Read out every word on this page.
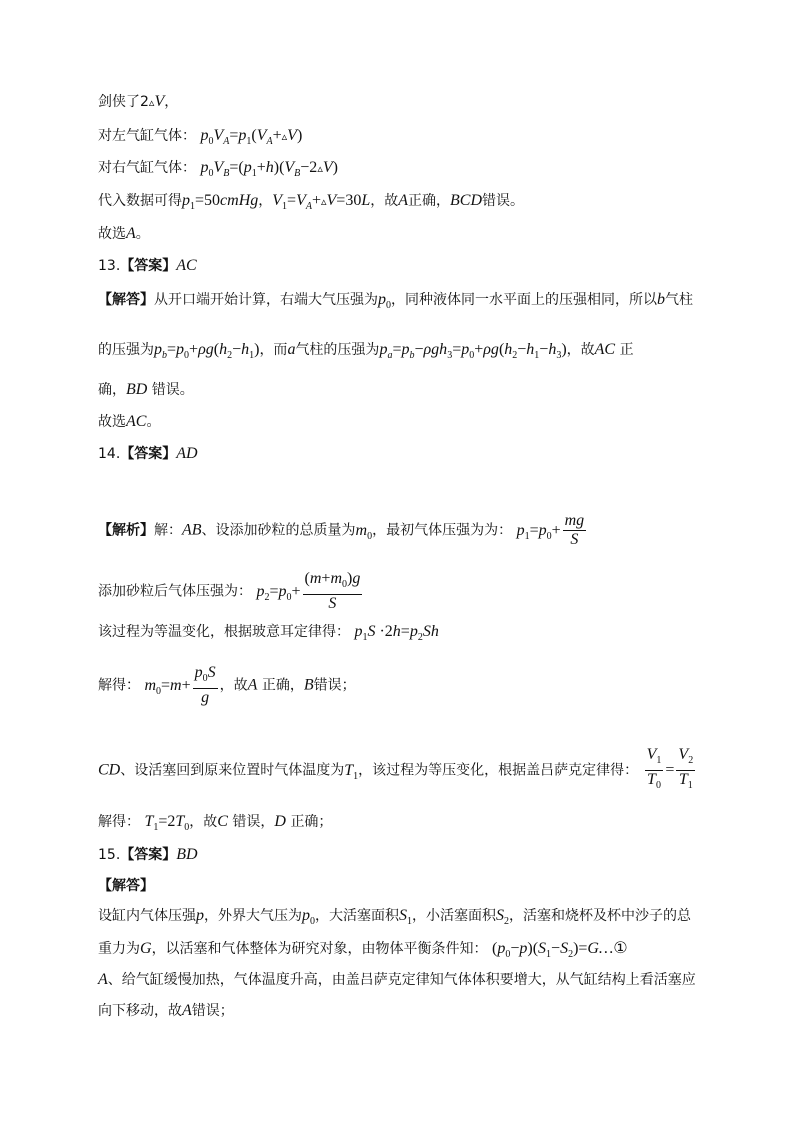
剑侠了2▵V，
对左气缸气体： $p_0V_A=p_1(V_A+▵V)$
对右气缸气体： $p_0V_B=(p_1+h)(V_B-2▵V)$
代入数据可得$p_1=50cmHg$，$V_1=V_A+▵V=30L$，故A正确，BCD错误。
故选A。
13.【答案】AC
【解答】从开口端开始计算，右端大气压强为$p_0$，同种液体同一水平面上的压强相同，所以b气柱
的压强为$p_b=p_0+\rho g(h_2-h_1)$，而a气柱的压强为$p_a=p_b-\rho gh_3=p_0+\rho g(h_2-h_1-h_3)$，故AC 正
确，BD 错误。
故选AC。
14.【答案】AD
【解析】解：AB、设添加砂粒的总质量为$m_0$，最初气体压强为为： $p_1=p_0+ \frac{mg}{S}$
添加砂粒后气体压强为： $p_2=p_0+ \frac{(m+m_0)g}{S}$
该过程为等温变化，根据玻意耳定律得： $p_1S \cdot 2h=p_2Sh$
解得： $m_0=m+ \frac{p_0S}{g}$ ，故A 正确，B错误；
CD、设活塞回到原来位置时气体温度为$T_1$，该过程为等压变化，根据盖吕萨克定律得： $\frac{V_1}{T_0} = \frac{V_2}{T_1}$
解得： $T_1=2T_0$，故C 错误，D 正确；
15.【答案】BD
【解答】
设缸内气体压强p，外界大气压为$p_0$，大活塞面积$S_1$，小活塞面积$S_2$，活塞和烧杯及杯中沙子的总
重力为G，以活塞和气体整体为研究对象，由物体平衡条件知： $(p_0-p)(S_1-S_2)=G\dots ①$
A、给气缸缓慢加热，气体温度升高，由盖吕萨克定律知气体体积要增大，从气缸结构上看活塞应
向下移动，故A错误；
